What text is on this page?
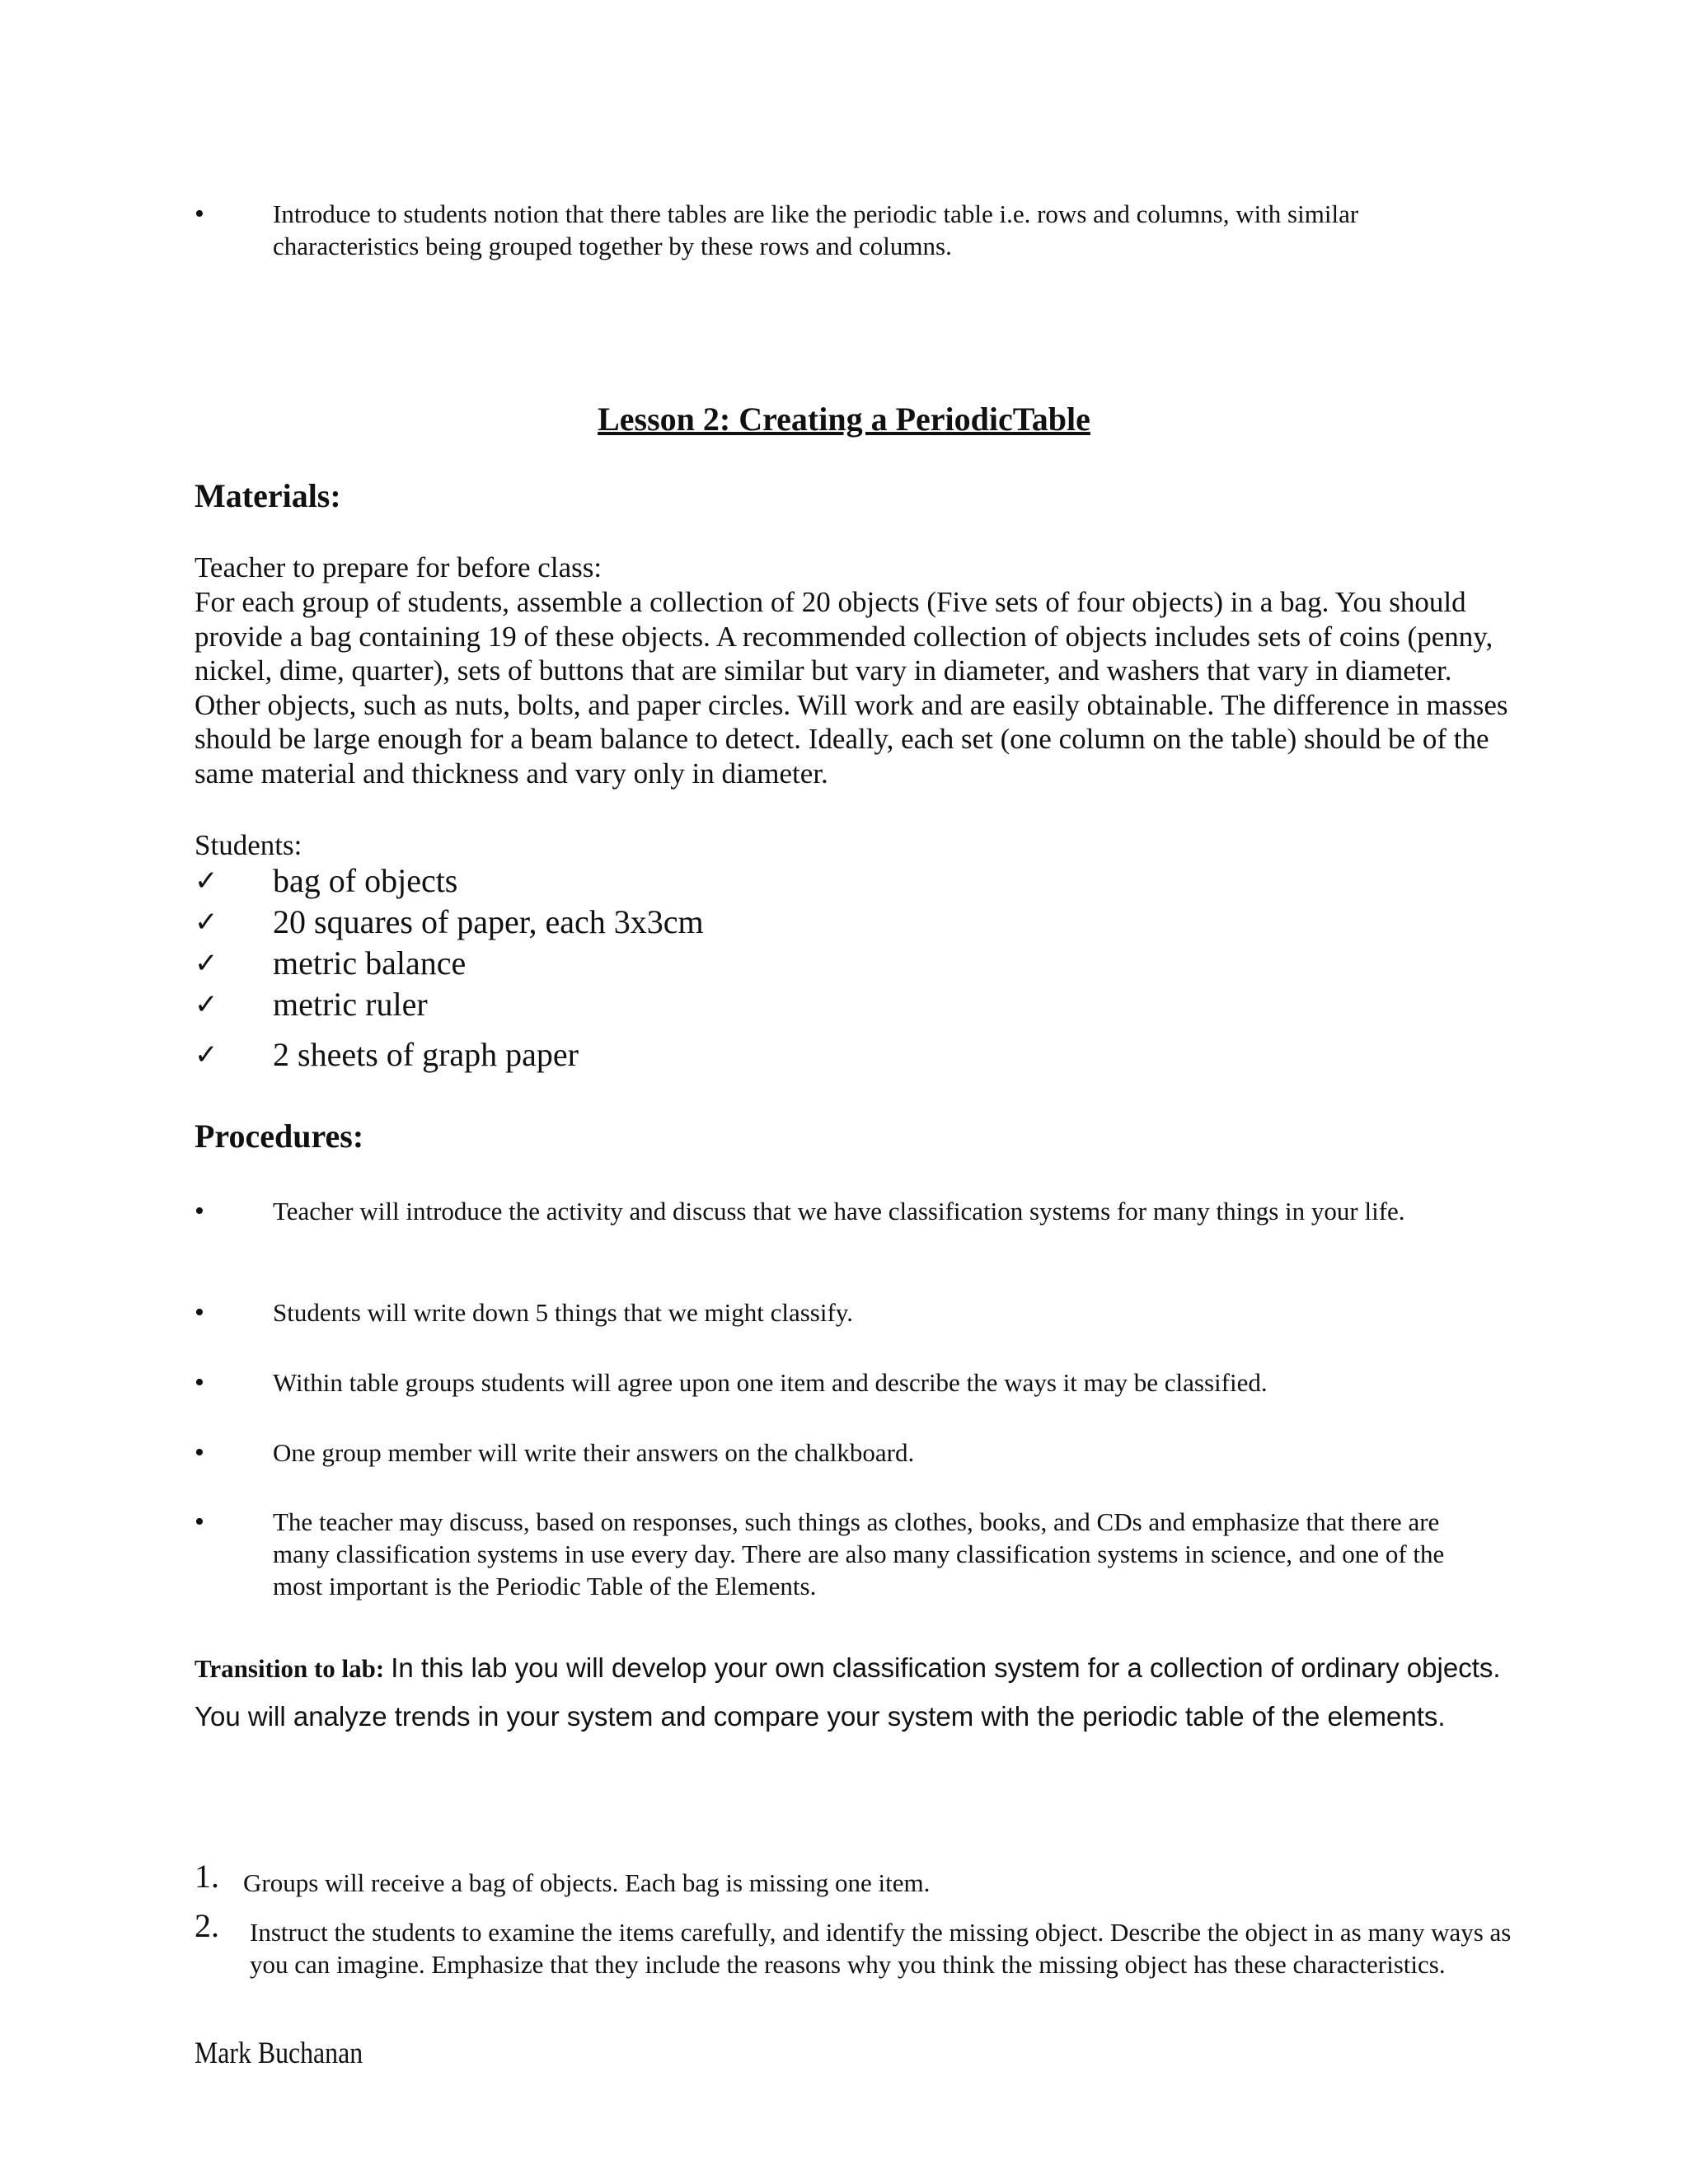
•	Introduce to students notion that there tables are like the periodic table i.e. rows and columns, with similar characteristics being grouped together by these rows and columns.
Lesson 2: Creating a PeriodicTable
Materials:
Teacher to prepare for before class:
For each group of students, assemble a collection of 20 objects (Five sets of four objects) in a bag. You should provide a bag containing 19 of these objects. A recommended collection of objects includes sets of coins (penny, nickel, dime, quarter), sets of buttons that are similar but vary in diameter, and washers that vary in diameter. Other objects, such as nuts, bolts, and paper circles. Will work and are easily obtainable. The difference in masses should be large enough for a beam balance to detect. Ideally, each set (one column on the table) should be of the same material and thickness and vary only in diameter.
Students:
✓ bag of objects
✓ 20 squares of paper, each 3x3cm
✓ metric balance
✓ metric ruler
✓ 2 sheets of graph paper
Procedures:
•	Teacher will introduce the activity and discuss that we have classification systems for many things in your life.
•	Students will write down 5 things that we might classify.
•	Within table groups students will agree upon one item and describe the ways it may be classified.
•	One group member will write their answers on the chalkboard.
•	The teacher may discuss, based on responses, such things as clothes, books, and CDs and emphasize that there are many classification systems in use every day. There are also many classification systems in science, and one of the most important is the Periodic Table of the Elements.
Transition to lab: In this lab you will develop your own classification system for a collection of ordinary objects. You will analyze trends in your system and compare your system with the periodic table of the elements.
1. Groups will receive a bag of objects. Each bag is missing one item.
2. Instruct the students to examine the items carefully, and identify the missing object. Describe the object in as many ways as you can imagine. Emphasize that they include the reasons why you think the missing object has these characteristics.
Mark Buchanan
